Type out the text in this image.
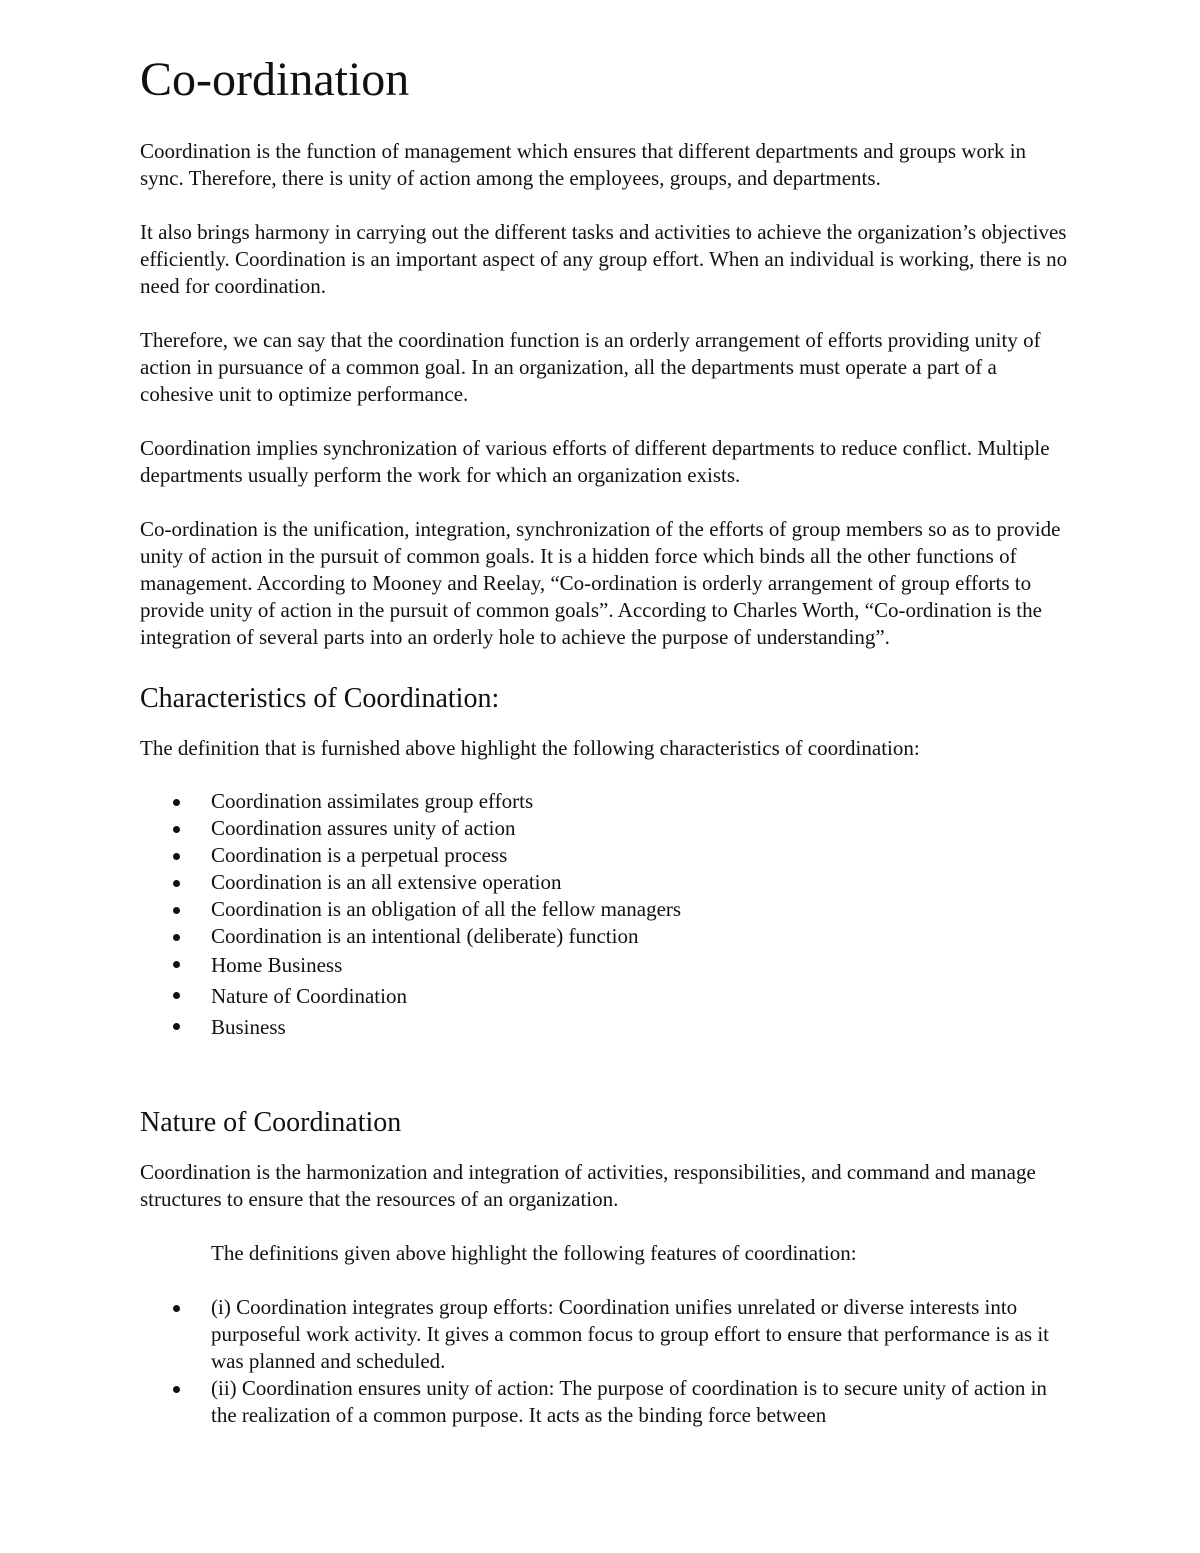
Co-ordination

Coordination is the function of management which ensures that different departments and groups work in sync. Therefore, there is unity of action among the employees, groups, and departments.

It also brings harmony in carrying out the different tasks and activities to achieve the organization’s objectives efficiently. Coordination is an important aspect of any group effort. When an individual is working, there is no need for coordination.

Therefore, we can say that the coordination function is an orderly arrangement of efforts providing unity of action in pursuance of a common goal. In an organization, all the departments must operate a part of a cohesive unit to optimize performance.

Coordination implies synchronization of various efforts of different departments to reduce conflict. Multiple departments usually perform the work for which an organization exists.

Co-ordination is the unification, integration, synchronization of the efforts of group members so as to provide unity of action in the pursuit of common goals. It is a hidden force which binds all the other functions of management. According to Mooney and Reelay, “Co-ordination is orderly arrangement of group efforts to provide unity of action in the pursuit of common goals”. According to Charles Worth, “Co-ordination is the integration of several parts into an orderly hole to achieve the purpose of understanding”.

Characteristics of Coordination:

The definition that is furnished above highlight the following characteristics of coordination:

Coordination assimilates group efforts
Coordination assures unity of action
Coordination is a perpetual process
Coordination is an all extensive operation
Coordination is an obligation of all the fellow managers
Coordination is an intentional (deliberate) function
Home Business
Nature of Coordination
Business
Nature of Coordination

Coordination is the harmonization and integration of activities, responsibilities, and command and manage structures to ensure that the resources of an organization.

The definitions given above highlight the following features of coordination:

(i) Coordination integrates group efforts: Coordination unifies unrelated or diverse interests into purposeful work activity. It gives a common focus to group effort to ensure that performance is as it was planned and scheduled.
(ii) Coordination ensures unity of action: The purpose of coordination is to secure unity of action in the realization of a common purpose. It acts as the binding force between
